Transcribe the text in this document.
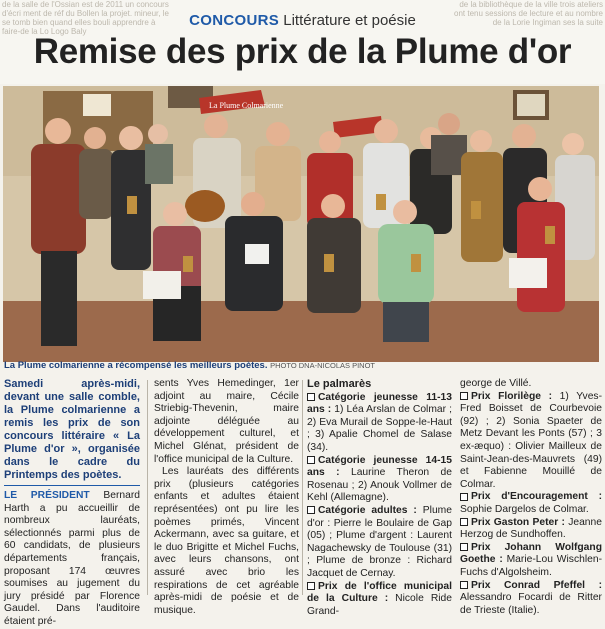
de la salle de l'Ossian est de 2011 un concours d'écri ment de réf du Bollen la projet. mineur, le se tomb bien quand elles bouli apprendre à faire-de la Lo Logo Baly
de la bibliothèque de la ville trois ateliers ont tenu sessions de lecture et au nombre de la Lorie Ingiman ses la suite
CONCOURS Littérature et poésie
Remise des prix de la Plume d'or
La Plume Colmarienne
La Plume colmarienne a récompensé les meilleurs poètes. PHOTO DNA-NICOLAS PINOT

Samedi après-midi, devant une salle comble, la Plume colmarienne a remis les prix de son concours littéraire « La Plume d'or », organisée dans le cadre du Printemps des poètes.

LE PRÉSIDENT Bernard Harth a pu accueillir de nombreux lauréats, sélectionnés parmi plus de 60 candidats, de plusieurs départements français, proposant 174 œuvres soumises au jugement du jury présidé par Florence Gaudel. Dans l'auditoire étaient pré-

sents Yves Hemedinger, 1er adjoint au maire, Cécile Striebig-Thevenin, maire adjointe déléguée au développement culturel, et Michel Glénat, président de l'office municipal de la Culture.

Les lauréats des différents prix (plusieurs catégories enfants et adultes étaient représentées) ont pu lire les poèmes primés, Vincent Ackermann, avec sa guitare, et le duo Brigitte et Michel Fuchs, avec leurs chansons, ont assuré avec brio les respirations de cet agréable après-midi de poésie et de musique.

Le palmarès

Catégorie jeunesse 11-13 ans : 1) Léa Arslan de Colmar ; 2) Eva Murail de Soppe-le-Haut ; 3) Apalie Chomel de Salase (34).

Catégorie jeunesse 14-15 ans : Laurine Theron de Rosenau ; 2) Anouk Vollmer de Kehl (Allemagne).

Catégorie adultes : Plume d'or : Pierre le Boulaire de Gap (05) ; Plume d'argent : Laurent Nagachewsky de Toulouse (31) ; Plume de bronze : Richard Jacquet de Cernay.

Prix de l'office municipal de la Culture : Nicole Ride Grand-

george de Villé.

Prix Florilège : 1) Yves-Fred Boisset de Courbevoie (92) ; 2) Sonia Spaeter de Metz Devant les Ponts (57) ; 3 ex-æquo) : Olivier Mailleux de Saint-Jean-des-Mauvrets (49) et Fabienne Mouillé de Colmar.

Prix d'Encouragement : Sophie Dargelos de Colmar.

Prix Gaston Peter : Jeanne Herzog de Sundhoffen.

Prix Johann Wolfgang Goethe : Marie-Lou Wischlen-Fuchs d'Algolsheim.

Prix Conrad Pfeffel : Alessandro Focardi de Ritter de Trieste (Italie).
